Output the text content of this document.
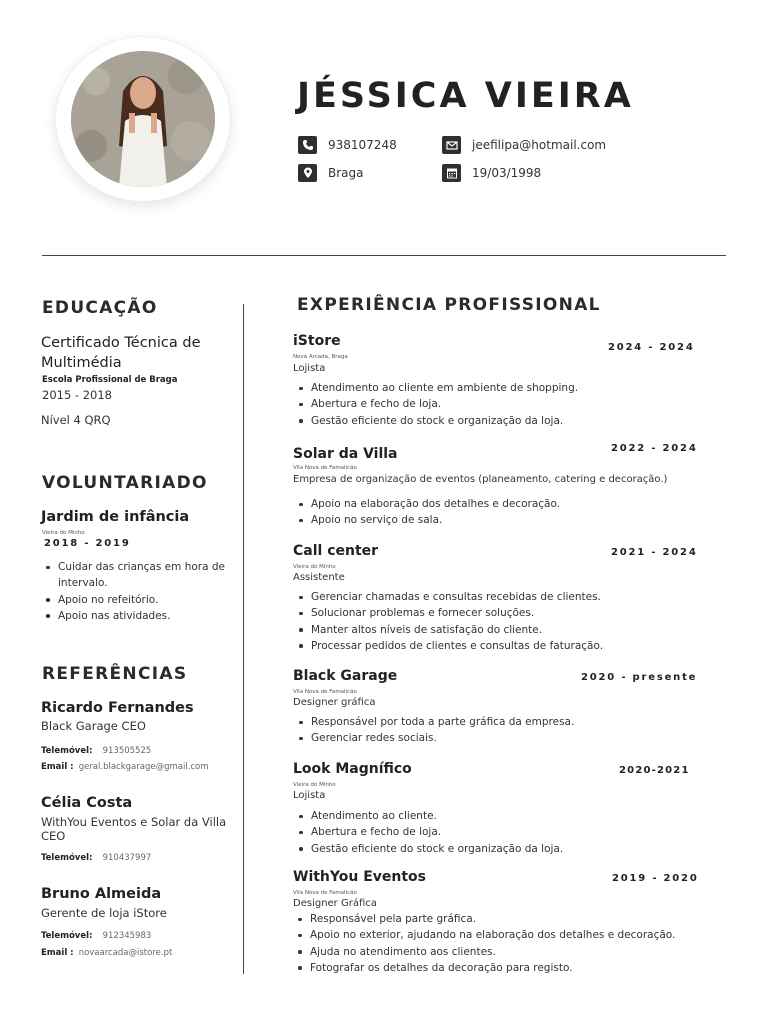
JÉSSICA VIEIRA
938107248	jeefilipa@hotmail.com
Braga	19/03/1998
EDUCAÇÃO
Certificado Técnica de
Multimédia
Escola Profissional de Braga
2015 - 2018
Nível 4 QRQ
VOLUNTARIADO
Jardim de infância
Vieira do Minho
2018 - 2019
Cuidar das crianças em hora de
intervalo.
Apoio no refeitório.
Apoio nas atividades.
REFERÊNCIAS
Ricardo Fernandes
Black Garage CEO
Telemóvel: 913505525
Email : geral.blackgarage@gmail.com
Célia Costa
WithYou Eventos e Solar da Villa
CEO
Telemóvel: 910437997
Bruno Almeida
Gerente de loja iStore
Telemóvel: 912345983
Email : novaarcada@istore.pt
EXPERIÊNCIA PROFISSIONAL
iStore	2024 - 2024
Nova Arcada, Braga
Lojista
Atendimento ao cliente em ambiente de shopping.
Abertura e fecho de loja.
Gestão eficiente do stock e organização da loja.
2022 - 2024
Solar da Villa
Vila Nova de Famalicão
Empresa de organização de eventos (planeamento, catering e decoração.)
Apoio na elaboração dos detalhes e decoração.
Apoio no serviço de sala.
Call center	2021 - 2024
Vieira do Minho
Assistente
Gerenciar chamadas e consultas recebidas de clientes.
Solucionar problemas e fornecer soluções.
Manter altos níveis de satisfação do cliente.
Processar pedidos de clientes e consultas de faturação.
Black Garage	2020 - presente
Vila Nova de Famalicão
Designer gráfica
Responsável por toda a parte gráfica da empresa.
Gerenciar redes sociais.
Look Magnífico	2020-2021
Vieira do Minho
Lojista
Atendimento ao cliente.
Abertura e fecho de loja.
Gestão eficiente do stock e organização da loja.
WithYou Eventos	2019 - 2020
Vila Nova de Famalicão
Designer Gráfica
Responsável pela parte gráfica.
Apoio no exterior, ajudando na elaboração dos detalhes e decoração.
Ajuda no atendimento aos clientes.
Fotografar os detalhes da decoração para registo.
